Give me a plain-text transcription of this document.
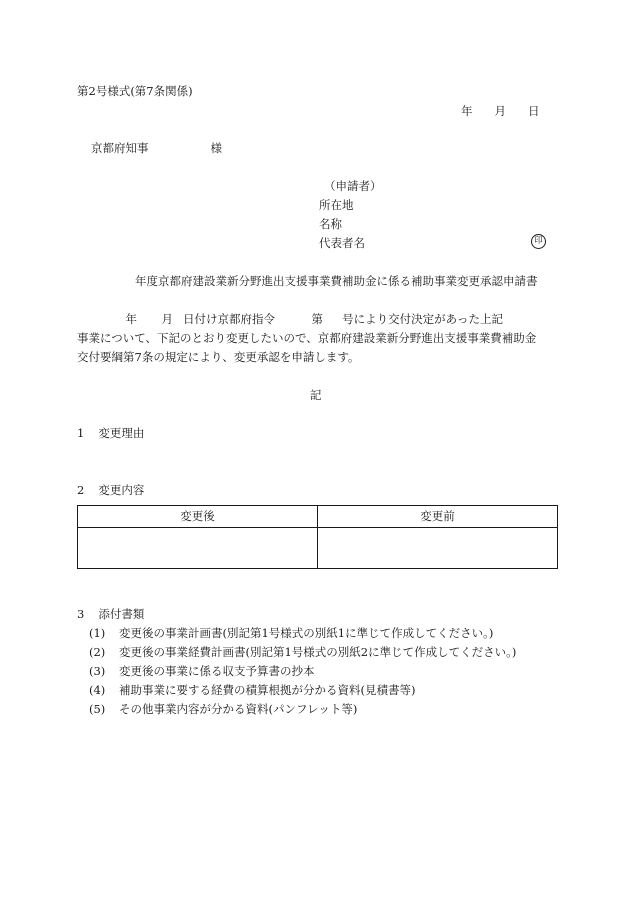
第2号様式(第7条関係)
年 月 日
京都府知事	様
（申請者）
所在地
名称
代表者名	印
年度京都府建設業新分野進出支援事業費補助金に係る補助事業変更承認申請書
年 月 日付け京都府指令	第 号により交付決定があった上記
事業について、下記のとおり変更したいので、京都府建設業新分野進出支援事業費補助金
交付要綱第7条の規定により、変更承認を申請します。
記
1 変更理由
2 変更内容
変更後	変更前

3 添付書類
(1) 変更後の事業計画書(別記第1号様式の別紙1に準じて作成してください。)
(2) 変更後の事業経費計画書(別記第1号様式の別紙2に準じて作成してください。)
(3) 変更後の事業に係る収支予算書の抄本
(4) 補助事業に要する経費の積算根拠が分かる資料(見積書等)
(5) その他事業内容が分かる資料(パンフレット等)
